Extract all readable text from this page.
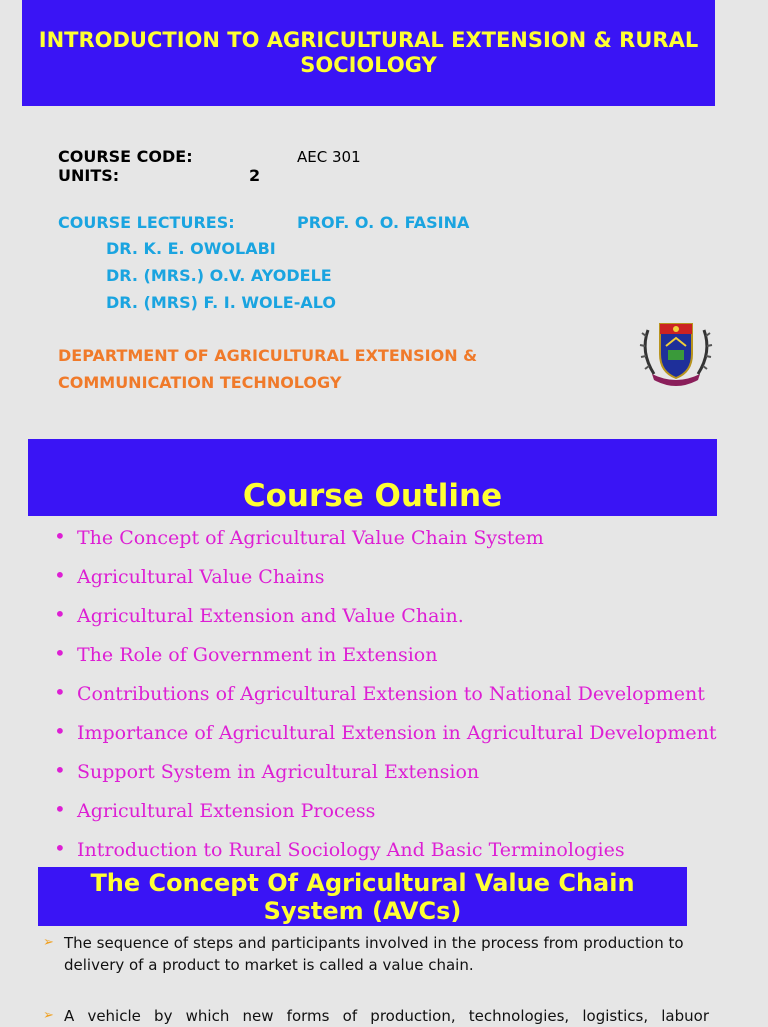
INTRODUCTION TO AGRICULTURAL EXTENSION & RURAL SOCIOLOGY
COURSE CODE:	AEC 301
UNITS:	2
COURSE LECTURES:	PROF. O. O. FASINA
DR. K. E. OWOLABI
DR. (MRS.) O.V. AYODELE
DR. (MRS) F. I. WOLE-ALO
DEPARTMENT OF AGRICULTURAL EXTENSION &
COMMUNICATION TECHNOLOGY
Course Outline
• The Concept of Agricultural Value Chain System
• Agricultural Value Chains
• Agricultural Extension and Value Chain.
• The Role of Government in Extension
• Contributions of Agricultural Extension to National Development
• Importance of Agricultural Extension in Agricultural Development
• Support System in Agricultural Extension
• Agricultural Extension Process
• Introduction to Rural Sociology And Basic Terminologies
The Concept Of Agricultural Value Chain System (AVCs)
➢ The sequence of steps and participants involved in the process from production to delivery of a product to market is called a value chain.
➢ A vehicle by which new forms of production, technologies, logistics, labuor
